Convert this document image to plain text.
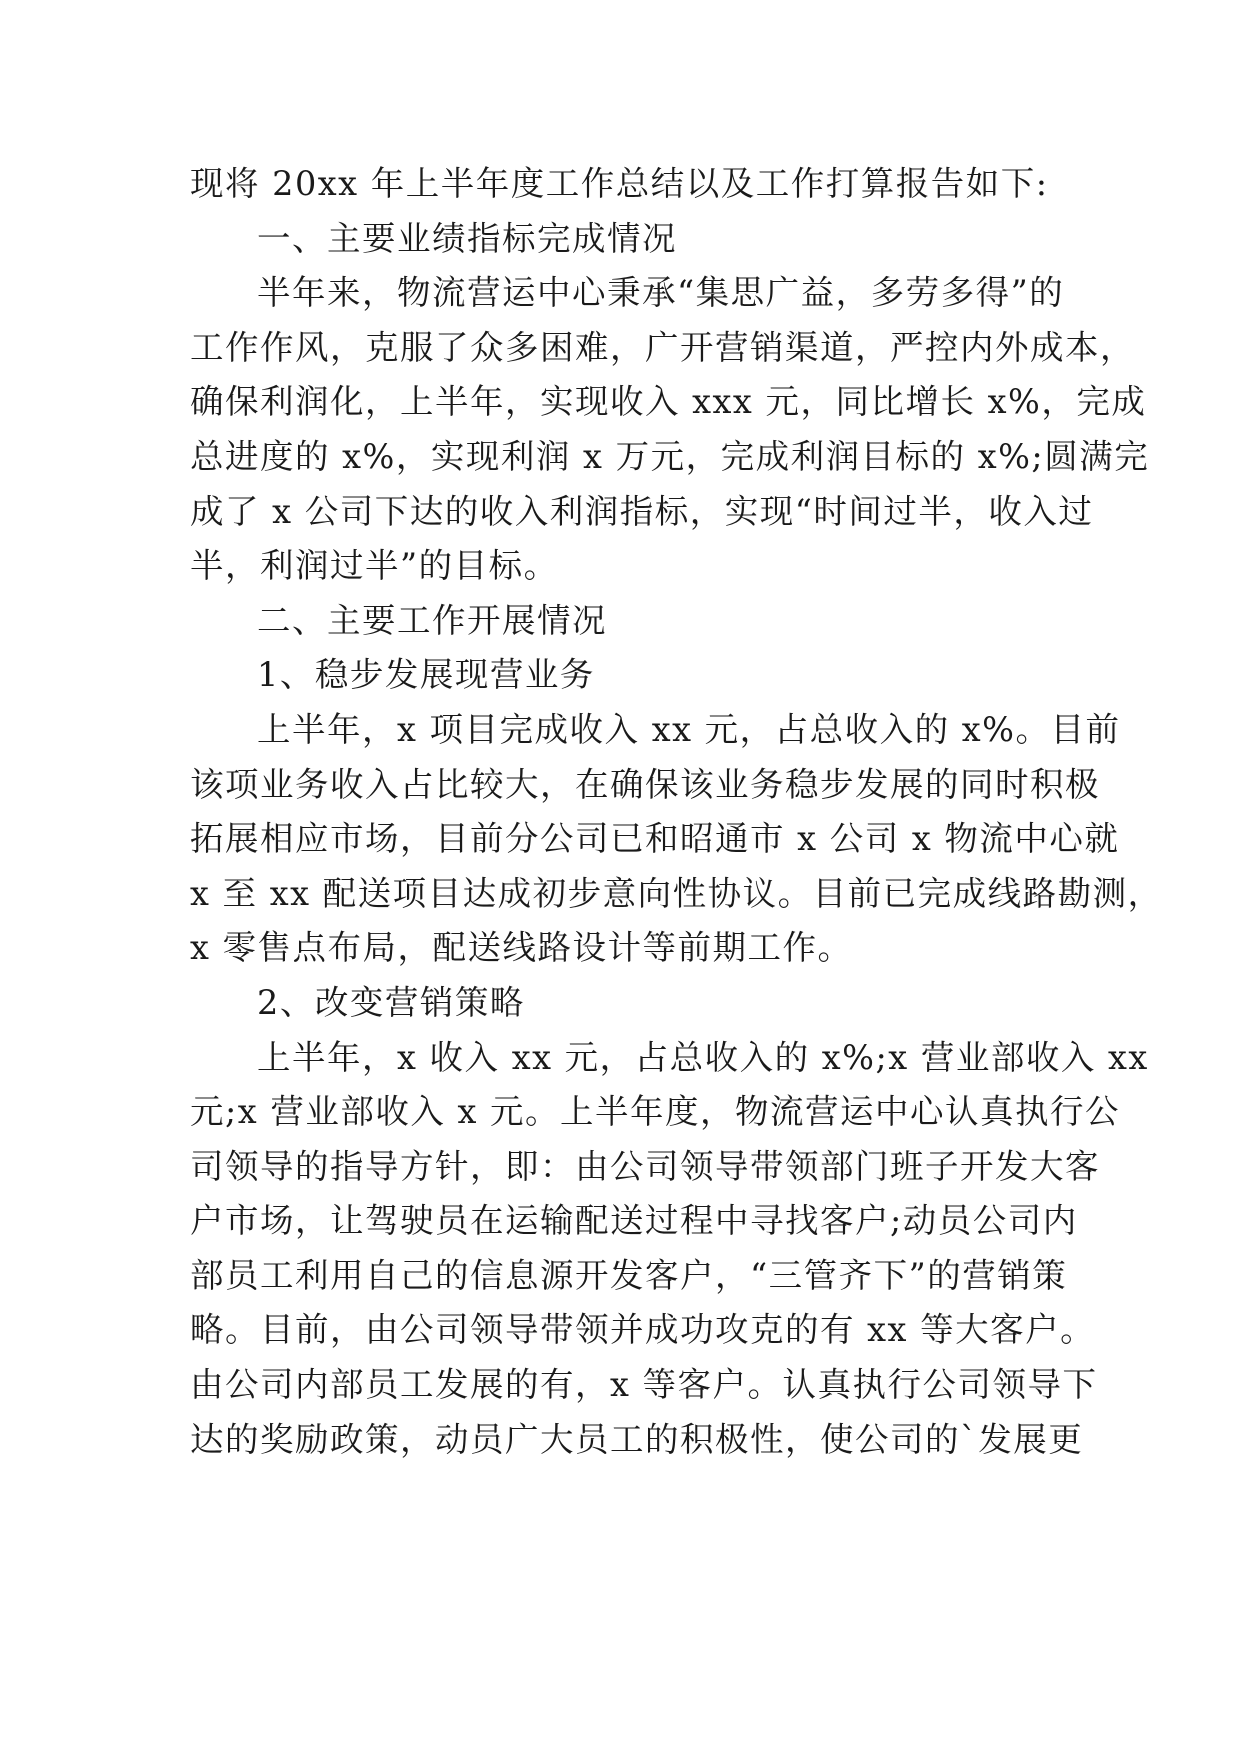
现将 20xx 年上半年度工作总结以及工作打算报告如下:
一、主要业绩指标完成情况
半年来，物流营运中心秉承“集思广益，多劳多得”的
工作作风，克服了众多困难，广开营销渠道，严控内外成本，
确保利润化，上半年，实现收入 xxx 元，同比增长 x%，完成
总进度的 x%，实现利润 x 万元，完成利润目标的 x%;圆满完
成了 x 公司下达的收入利润指标，实现“时间过半，收入过
半，利润过半”的目标。
二、主要工作开展情况
1、稳步发展现营业务
上半年，x 项目完成收入 xx 元，占总收入的 x%。目前
该项业务收入占比较大，在确保该业务稳步发展的同时积极
拓展相应市场，目前分公司已和昭通市 x 公司 x 物流中心就
x 至 xx 配送项目达成初步意向性协议。目前已完成线路勘测，
x 零售点布局，配送线路设计等前期工作。
2、改变营销策略
上半年，x 收入 xx 元，占总收入的 x%;x 营业部收入 xx
元;x 营业部收入 x 元。上半年度，物流营运中心认真执行公
司领导的指导方针，即：由公司领导带领部门班子开发大客
户市场，让驾驶员在运输配送过程中寻找客户;动员公司内
部员工利用自己的信息源开发客户，“三管齐下”的营销策
略。目前，由公司领导带领并成功攻克的有 xx 等大客户。
由公司内部员工发展的有，x 等客户。认真执行公司领导下
达的奖励政策，动员广大员工的积极性，使公司的`发展更
